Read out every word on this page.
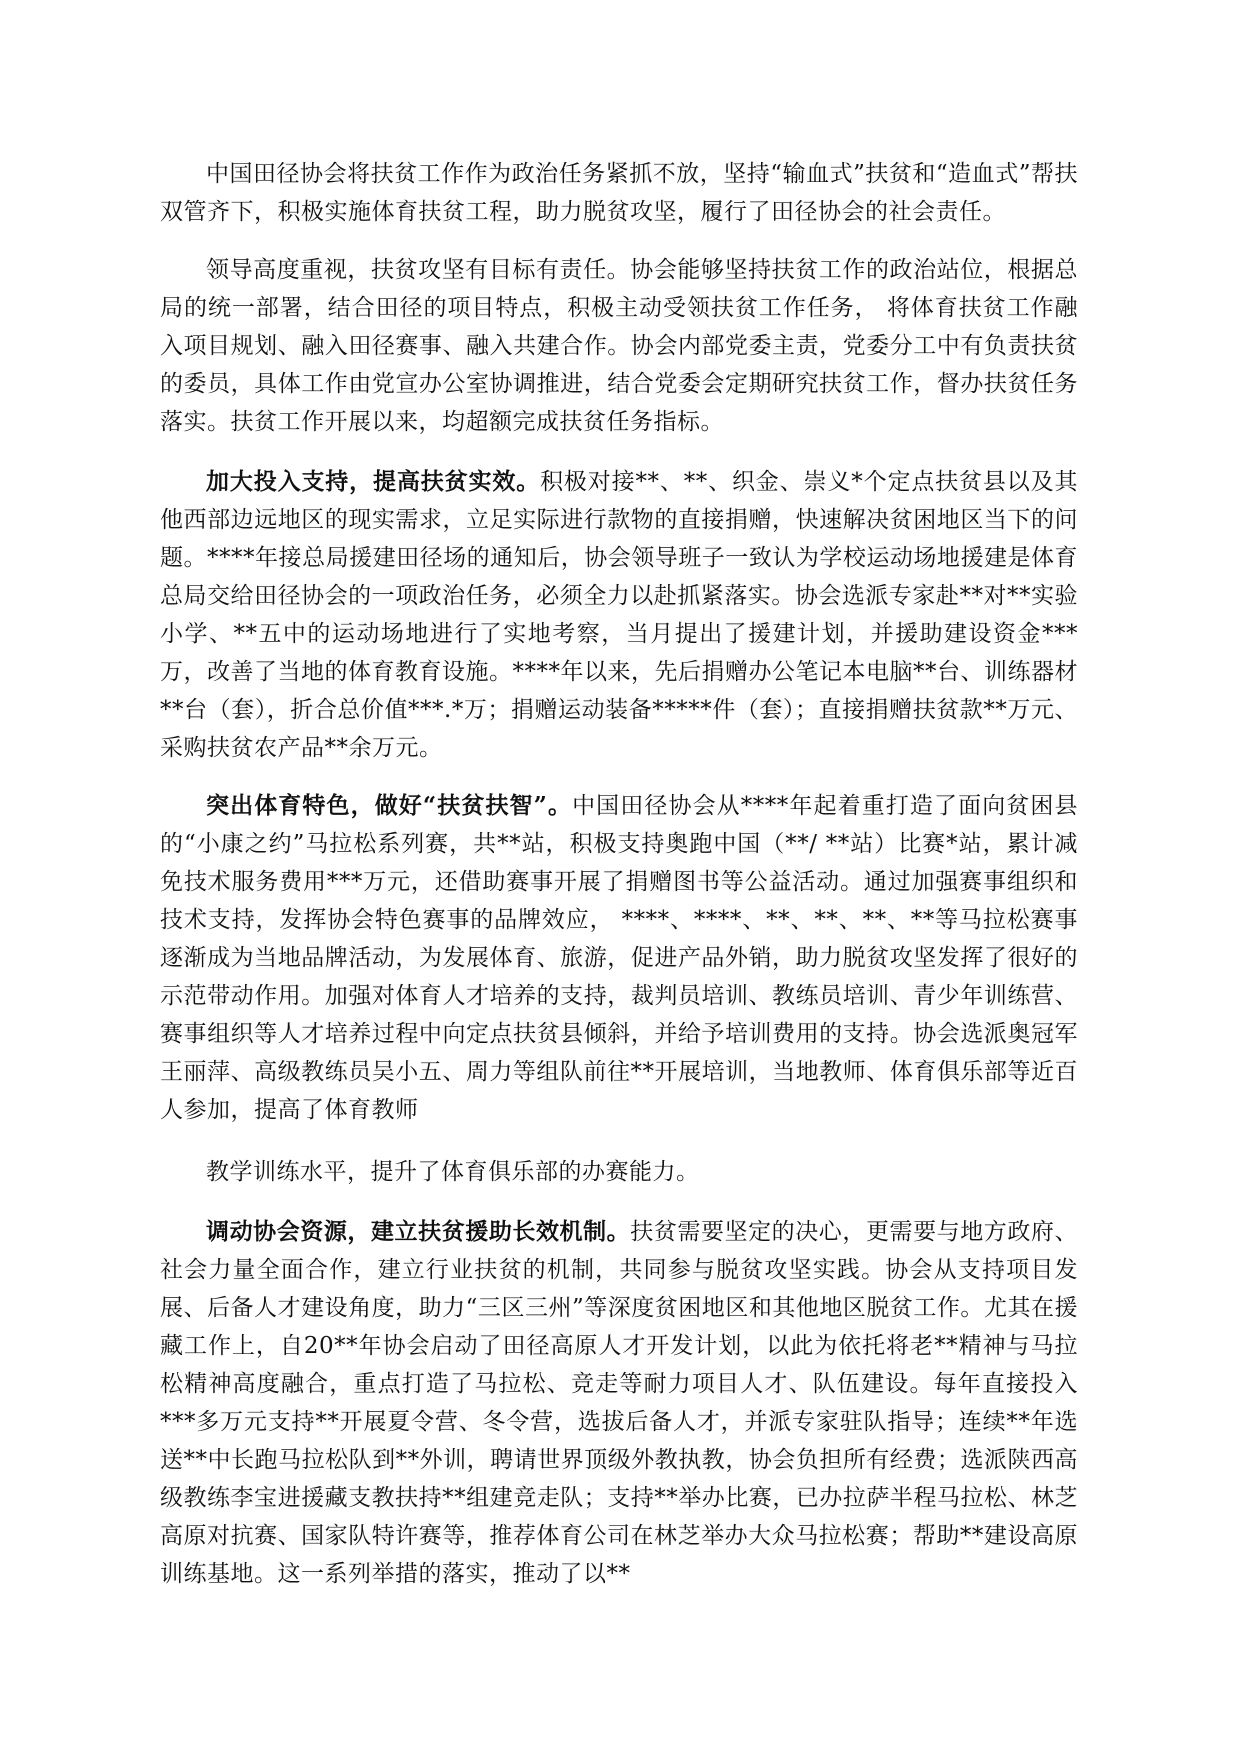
中国田径协会将扶贫工作作为政治任务紧抓不放，坚持“输血式”扶贫和“造血式”帮扶双管齐下，积极实施体育扶贫工程，助力脱贫攻坚，履行了田径协会的社会责任。

领导高度重视，扶贫攻坚有目标有责任。协会能够坚持扶贫工作的政治站位，根据总局的统一部署，结合田径的项目特点，积极主动受领扶贫工作任务， 将体育扶贫工作融入项目规划、融入田径赛事、融入共建合作。协会内部党委主责，党委分工中有负责扶贫的委员，具体工作由党宣办公室协调推进，结合党委会定期研究扶贫工作，督办扶贫任务落实。扶贫工作开展以来，均超额完成扶贫任务指标。

加大投入支持，提高扶贫实效。积极对接**、**、织金、崇义*个定点扶贫县以及其他西部边远地区的现实需求，立足实际进行款物的直接捐赠，快速解决贫困地区当下的问题。****年接总局援建田径场的通知后，协会领导班子一致认为学校运动场地援建是体育总局交给田径协会的一项政治任务，必须全力以赴抓紧落实。协会选派专家赴**对**实验小学、**五中的运动场地进行了实地考察，当月提出了援建计划，并援助建设资金***万，改善了当地的体育教育设施。****年以来，先后捐赠办公笔记本电脑**台、训练器材**台（套），折合总价值***.*万；捐赠运动装备*****件（套）；直接捐赠扶贫款**万元、采购扶贫农产品**余万元。

突出体育特色，做好“扶贫扶智”。中国田径协会从****年起着重打造了面向贫困县的“小康之约”马拉松系列赛，共**站，积极支持奥跑中国（**/ **站）比赛*站，累计减免技术服务费用***万元，还借助赛事开展了捐赠图书等公益活动。通过加强赛事组织和技术支持，发挥协会特色赛事的品牌效应， ****、****、**、**、**、**等马拉松赛事逐渐成为当地品牌活动，为发展体育、旅游，促进产品外销，助力脱贫攻坚发挥了很好的示范带动作用。加强对体育人才培养的支持，裁判员培训、教练员培训、青少年训练营、赛事组织等人才培养过程中向定点扶贫县倾斜，并给予培训费用的支持。协会选派奥冠军王丽萍、高级教练员吴小五、周力等组队前往**开展培训，当地教师、体育俱乐部等近百人参加，提高了体育教师

教学训练水平，提升了体育俱乐部的办赛能力。

调动协会资源，建立扶贫援助长效机制。扶贫需要坚定的决心，更需要与地方政府、社会力量全面合作，建立行业扶贫的机制，共同参与脱贫攻坚实践。协会从支持项目发展、后备人才建设角度，助力“三区三州”等深度贫困地区和其他地区脱贫工作。尤其在援藏工作上，自20**年协会启动了田径高原人才开发计划，以此为依托将老**精神与马拉松精神高度融合，重点打造了马拉松、竞走等耐力项目人才、队伍建设。每年直接投入***多万元支持**开展夏令营、冬令营，选拔后备人才，并派专家驻队指导；连续**年选送**中长跑马拉松队到**外训，聘请世界顶级外教执教，协会负担所有经费；选派陕西高级教练李宝进援藏支教扶持**组建竞走队；支持**举办比赛，已办拉萨半程马拉松、林芝高原对抗赛、国家队特许赛等，推荐体育公司在林芝举办大众马拉松赛；帮助**建设高原训练基地。这一系列举措的落实，推动了以**
